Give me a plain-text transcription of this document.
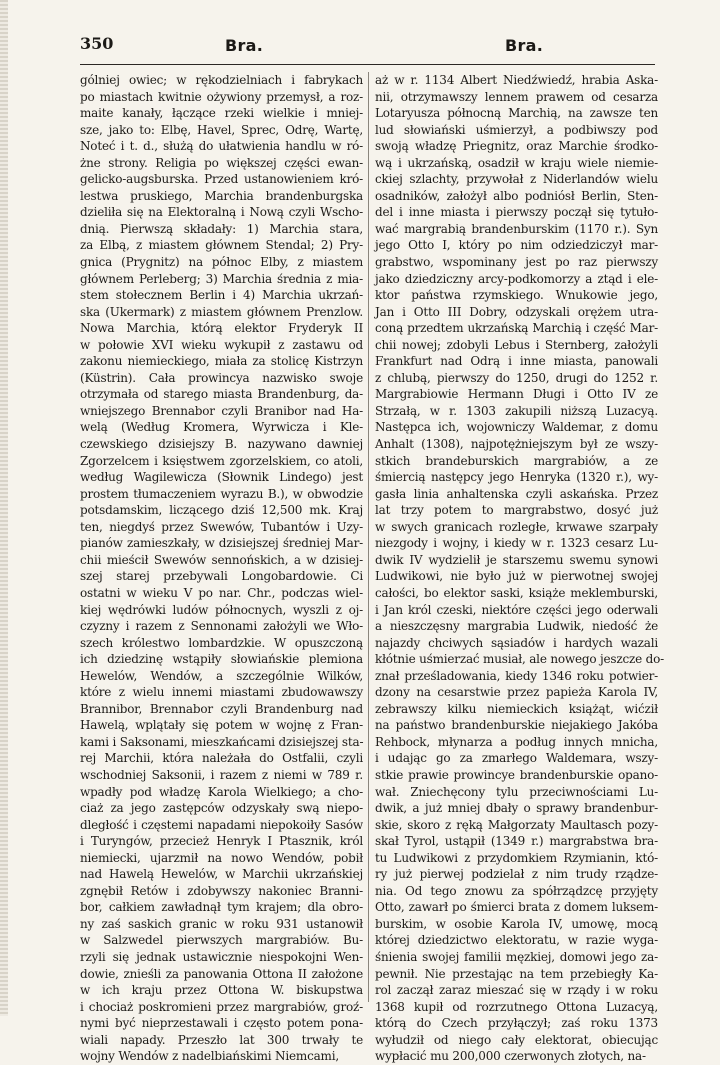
350	Bra.	Bra.
gólniej owiec; w rękodzielniach i fabrykach
po miastach kwitnie ożywiony przemysł, a roz-
maite kanały, łączące rzeki wielkie i mniej-
sze, jako to: Elbę, Havel, Sprec, Odrę, Wartę,
Noteć i t. d., służą do ułatwienia handlu w ró-
żne strony. Religia po większej części ewan-
gelicko-augsburska. Przed ustanowieniem kró-
lestwa pruskiego, Marchia brandenburgska
dzieliła się na Elektoralną i Nową czyli Wscho-
dnią. Pierwszą składały: 1) Marchia stara,
za Elbą, z miastem głównem Stendal; 2) Pry-
gnica (Prygnitz) na północ Elby, z miastem
głównem Perleberg; 3) Marchia średnia z mia-
stem stołecznem Berlin i 4) Marchia ukrzań-
ska (Ukermark) z miastem głównem Prenzlow.
Nowa Marchia, którą elektor Fryderyk II
w połowie XVI wieku wykupił z zastawu od
zakonu niemieckiego, miała za stolicę Kistrzyn
(Küstrin). Cała prowincya nazwisko swoje
otrzymała od starego miasta Brandenburg, da-
wniejszego Brennabor czyli Branibor nad Ha-
welą (Według Kromera, Wyrwicza i Kle-
czewskiego dzisiejszy B. nazywano dawniej
Zgorzelcem i księstwem zgorzelskiem, co atoli,
według Wagilewicza (Słownik Lindego) jest
prostem tłumaczeniem wyrazu B.), w obwodzie
potsdamskim, liczącego dziś 12,500 mk. Kraj
ten, niegdyś przez Swewów, Tubantów i Uzy-
pianów zamieszkały, w dzisiejszej średniej Mar-
chii mieścił Swewów sennońskich, a w dzisiej-
szej starej przebywali Longobardowie. Ci
ostatni w wieku V po nar. Chr., podczas wiel-
kiej wędrówki ludów północnych, wyszli z oj-
czyzny i razem z Sennonami założyli we Wło-
szech królestwo lombardzkie. W opuszczoną
ich dziedzinę wstąpiły słowiańskie plemiona
Hewelów, Wendów, a szczególnie Wilków,
które z wielu innemi miastami zbudowawszy
Brannibor, Brennabor czyli Brandenburg nad
Hawelą, wplątały się potem w wojnę z Fran-
kami i Saksonami, mieszkańcami dzisiejszej sta-
rej Marchii, która należała do Ostfalii, czyli
wschodniej Saksonii, i razem z niemi w 789 r.
wpadły pod władzę Karola Wielkiego; a cho-
ciaż za jego zastępców odzyskały swą niepo-
dległość i częstemi napadami niepokoiły Sasów
i Turyngów, przecież Henryk I Ptasznik, król
niemiecki, ujarzmił na nowo Wendów, pobił
nad Hawelą Hewelów, w Marchii ukrzańskiej
zgnębił Retów i zdobywszy nakoniec Branni-
bor, całkiem zawładnął tym krajem; dla obro-
ny zaś saskich granic w roku 931 ustanowił
w Salzwedel pierwszych margrabiów. Bu-
rzyli się jednak ustawicznie niespokojni Wen-
dowie, znieśli za panowania Ottona II założone
w ich kraju przez Ottona W. biskupstwa
i chociaż poskromieni przez margrabiów, groź-
nymi być nieprzestawali i często potem pona-
wiali napady. Przeszło lat 300 trwały te
wojny Wendów z nadelbiańskimi Niemcami,
aż w r. 1134 Albert Niedźwiedź, hrabia Aska-
nii, otrzymawszy lennem prawem od cesarza
Lotaryusza północną Marchią, na zawsze ten
lud słowiański uśmierzył, a podbiwszy pod
swoją władzę Priegnitz, oraz Marchie środko-
wą i ukrzańską, osadził w kraju wiele niemie-
ckiej szlachty, przywołał z Niderlandów wielu
osadników, założył albo podniósł Berlin, Sten-
del i inne miasta i pierwszy począł się tytuło-
wać margrabią brandenburskim (1170 r.). Syn
jego Otto I, który po nim odziedziczył mar-
grabstwo, wspominany jest po raz pierwszy
jako dziedziczny arcy-podkomorzy a ztąd i ele-
ktor państwa rzymskiego. Wnukowie jego,
Jan i Otto III Dobry, odzyskali orężem utra-
coną przedtem ukrzańską Marchią i część Mar-
chii nowej; zdobyli Lebus i Sternberg, założyli
Frankfurt nad Odrą i inne miasta, panowali
z chlubą, pierwszy do 1250, drugi do 1252 r.
Margrabiowie Hermann Długi i Otto IV ze
Strzałą, w r. 1303 zakupili niższą Luzacyą.
Następca ich, wojowniczy Waldemar, z domu
Anhalt (1308), najpotężniejszym był ze wszy-
stkich brandeburskich margrabiów, a ze
śmiercią następcy jego Henryka (1320 r.), wy-
gasła linia anhaltenska czyli askańska. Przez
lat trzy potem to margrabstwo, dosyć już
w swych granicach rozległe, krwawe szarpały
niezgody i wojny, i kiedy w r. 1323 cesarz Lu-
dwik IV wydzielił je starszemu swemu synowi
Ludwikowi, nie było już w pierwotnej swojej
całości, bo elektor saski, książe meklemburski,
i Jan król czeski, niektóre części jego oderwali
a nieszczęsny margrabia Ludwik, niedość że
najazdy chciwych sąsiadów i hardych wazali
kłótnie uśmierzać musiał, ale nowego jeszcze do-
znał prześladowania, kiedy 1346 roku potwier-
dzony na cesarstwie przez papieża Karola IV,
zebrawszy kilku niemieckich książąt, wićził
na państwo brandenburskie niejakiego Jakóba
Rehbock, młynarza a podług innych mnicha,
i udając go za zmarłego Waldemara, wszy-
stkie prawie prowincye brandenburskie opano-
wał. Zniechęcony tylu przeciwnościami Lu-
dwik, a już mniej dbały o sprawy brandenbur-
skie, skoro z ręką Małgorzaty Maultasch pozy-
skał Tyrol, ustąpił (1349 r.) margrabstwa bra-
tu Ludwikowi z przydomkiem Rzymianin, któ-
ry już pierwej podzielał z nim trudy rządze-
nia. Od tego znowu za spółrządzcę przyjęty
Otto, zawarł po śmierci brata z domem luksem-
burskim, w osobie Karola IV, umowę, mocą
której dziedzictwo elektoratu, w razie wyga-
śnienia swojej familii męzkiej, domowi jego za-
pewnił. Nie przestając na tem przebiegły Ka-
rol zaczął zaraz mieszać się w rządy i w roku
1368 kupił od rozrzutnego Ottona Luzacyą,
którą do Czech przyłączył; zaś roku 1373
wyłudził od niego cały elektorat, obiecując
wypłacić mu 200,000 czerwonych złotych, na-
